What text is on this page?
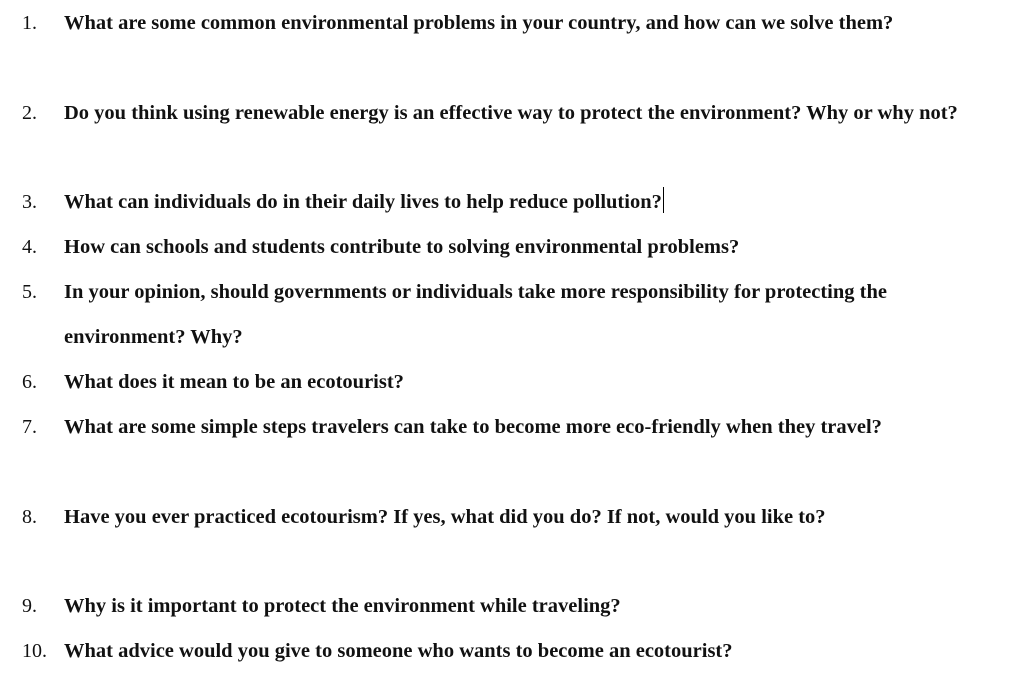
1. What are some common environmental problems in your country, and how can we solve them?
2. Do you think using renewable energy is an effective way to protect the environment? Why or why not?
3. What can individuals do in their daily lives to help reduce pollution?
4. How can schools and students contribute to solving environmental problems?
5. In your opinion, should governments or individuals take more responsibility for protecting the environment? Why?
6. What does it mean to be an ecotourist?
7. What are some simple steps travelers can take to become more eco-friendly when they travel?
8. Have you ever practiced ecotourism? If yes, what did you do? If not, would you like to?
9. Why is it important to protect the environment while traveling?
10. What advice would you give to someone who wants to become an ecotourist?
